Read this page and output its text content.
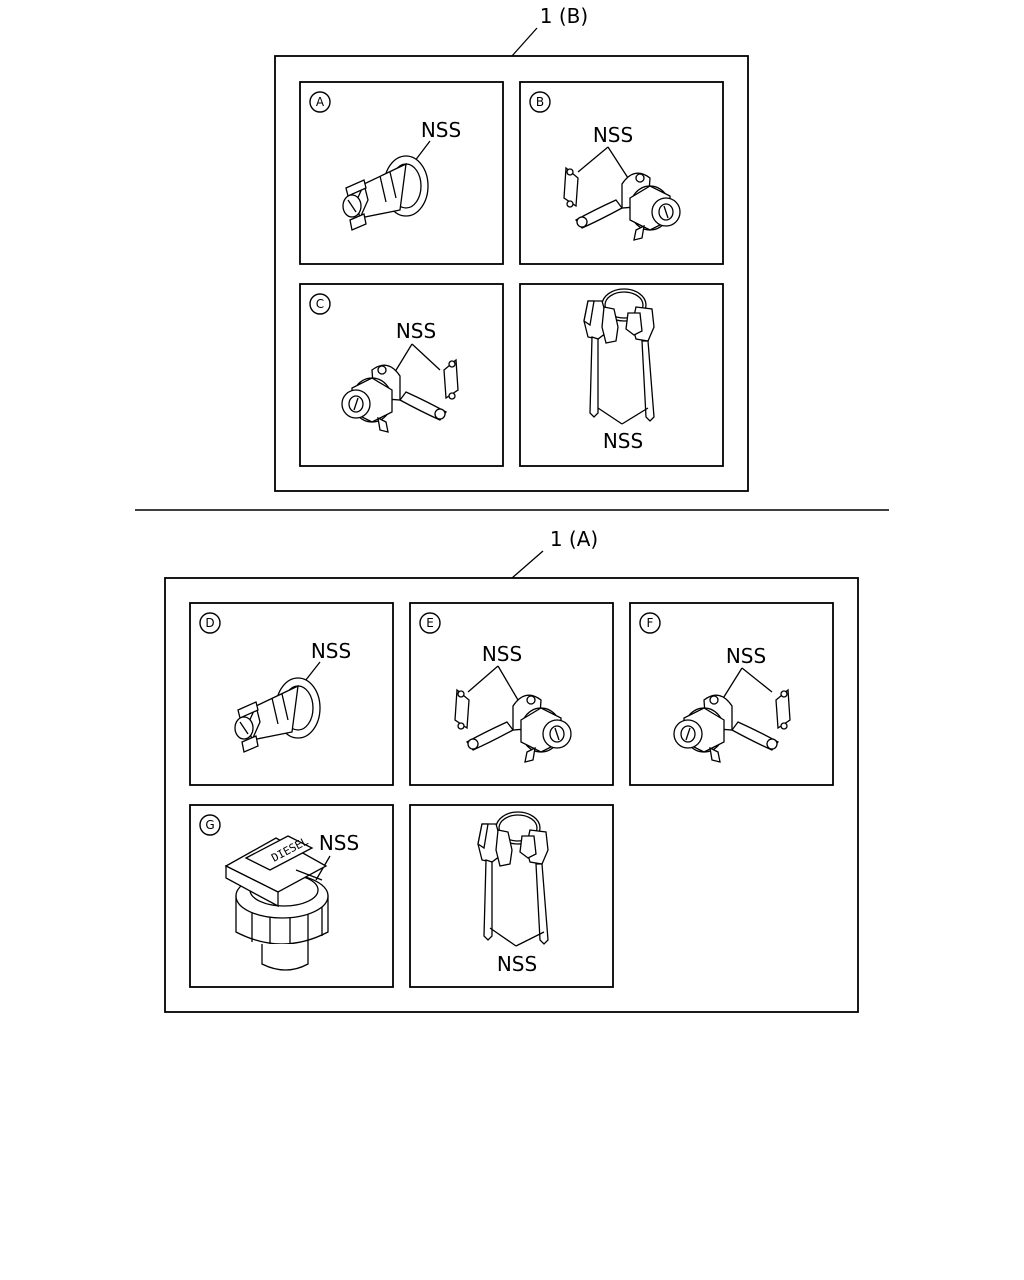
1 (B)
A
NSS
B
NSS
C
NSS
NSS
1 (A)
D
NSS
E
NSS
F
NSS
G
NSS
NSS
